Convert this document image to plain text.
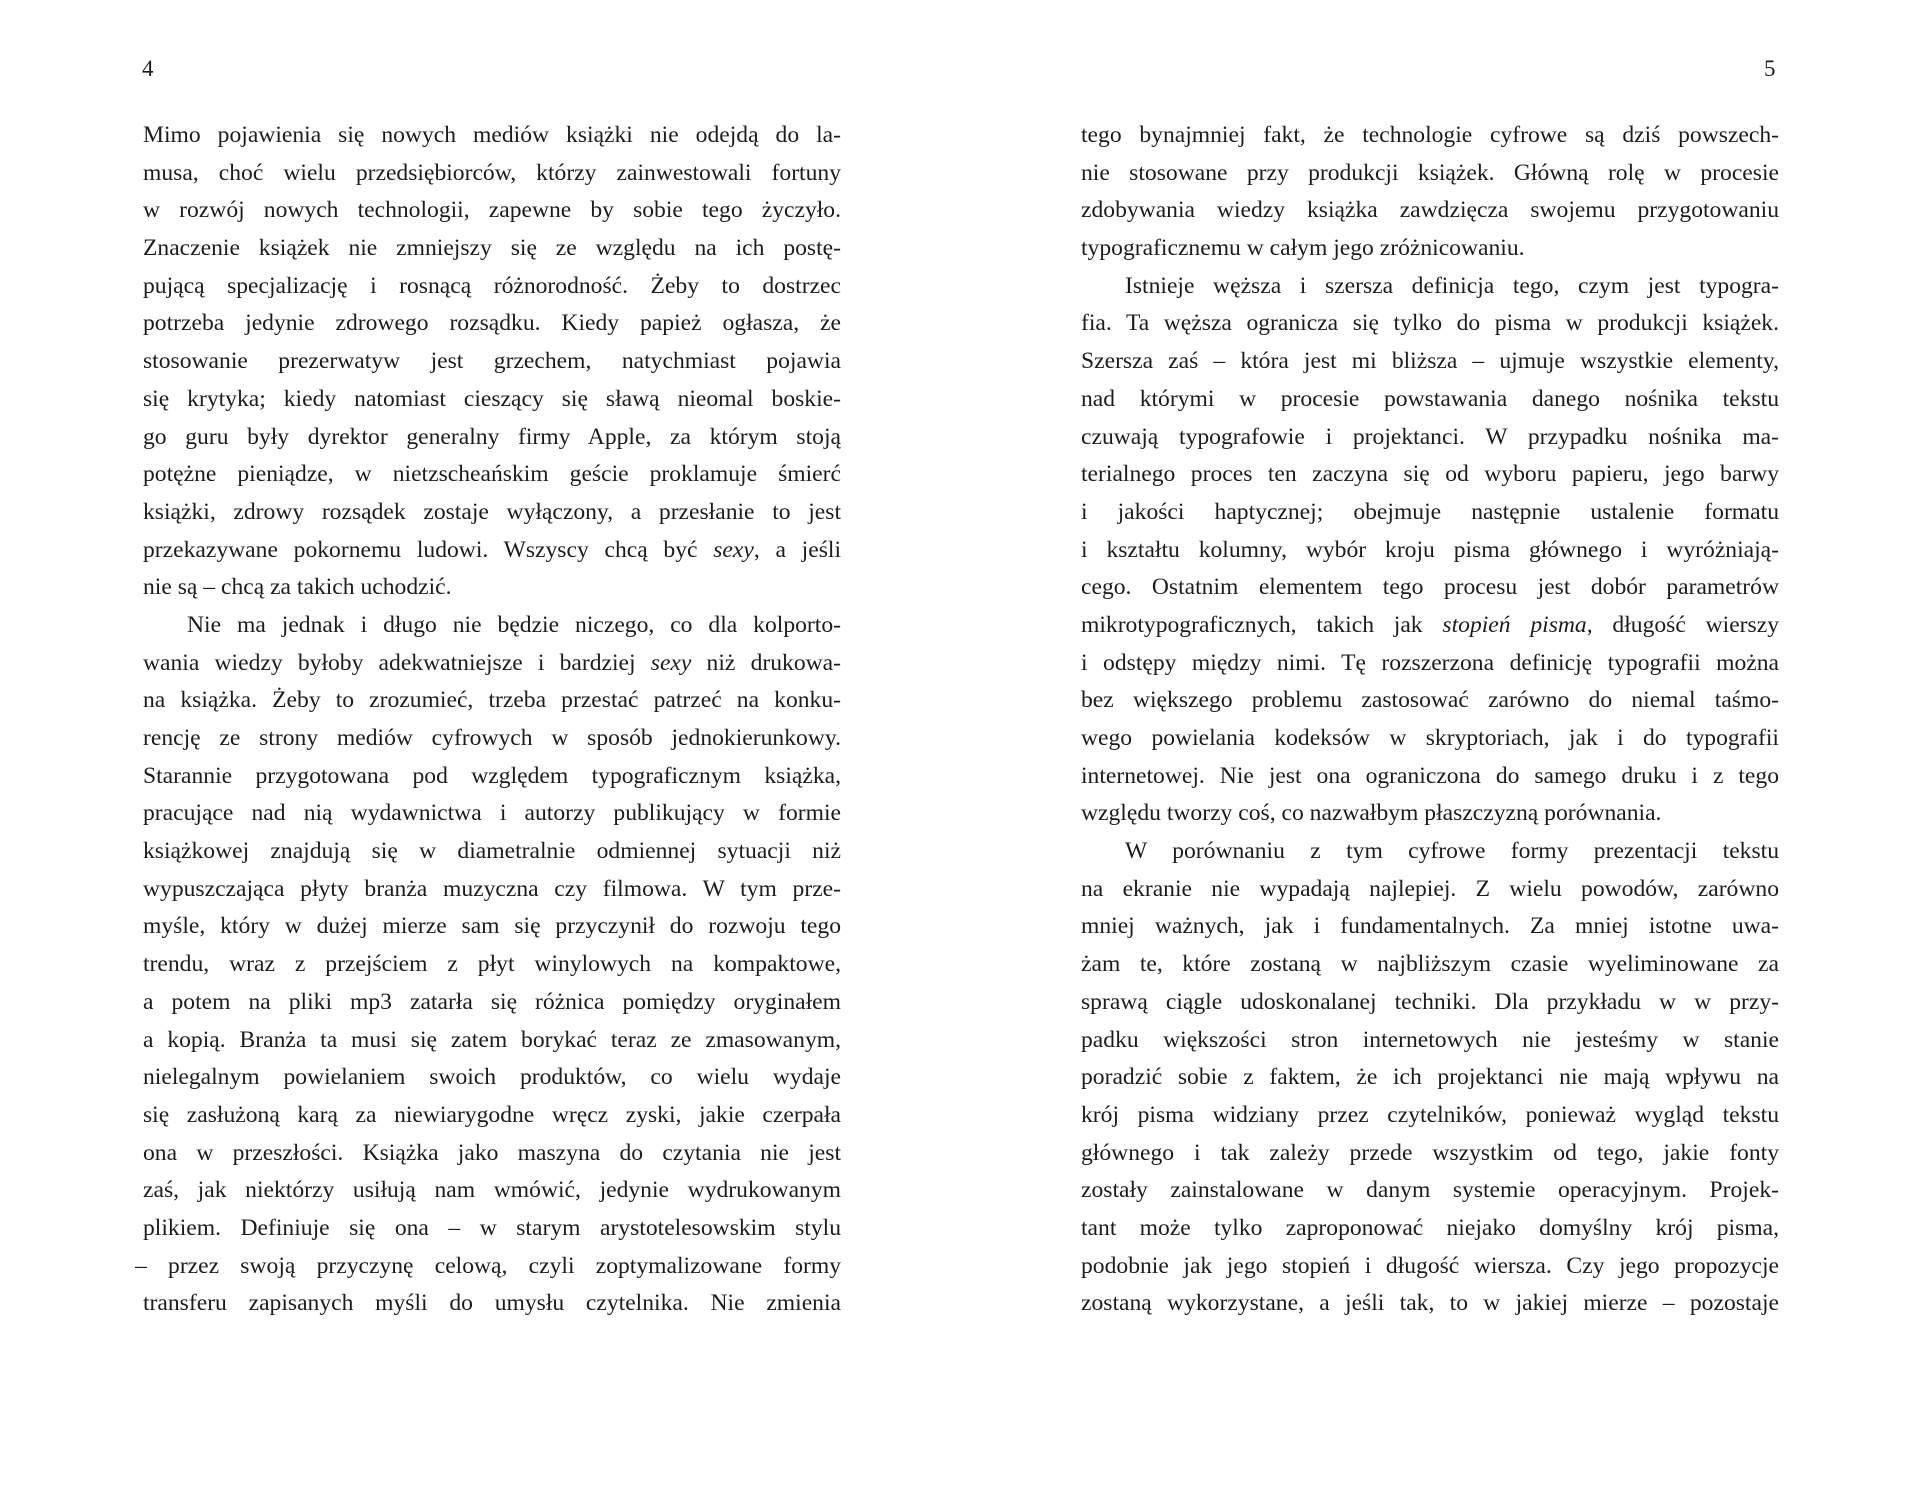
4
Mimo pojawienia się nowych mediów książki nie odejdą do la-
musa, choć wielu przedsiębiorców, którzy zainwestowali fortuny
w rozwój nowych technologii, zapewne by sobie tego życzyło.
Znaczenie książek nie zmniejszy się ze względu na ich postę-
pującą specjalizację i rosnącą różnorodność. Żeby to dostrzec
potrzeba jedynie zdrowego rozsądku. Kiedy papież ogłasza, że
stosowanie prezerwatyw jest grzechem, natychmiast pojawia
się krytyka; kiedy natomiast cieszący się sławą nieomal boskie-
go guru były dyrektor generalny firmy Apple, za którym stoją
potężne pieniądze, w nietzscheańskim geście proklamuje śmierć
książki, zdrowy rozsądek zostaje wyłączony, a przesłanie to jest
przekazywane pokornemu ludowi. Wszyscy chcą być sexy, a jeśli
nie są – chcą za takich uchodzić.
Nie ma jednak i długo nie będzie niczego, co dla kolporto-
wania wiedzy byłoby adekwatniejsze i bardziej sexy niż drukowa-
na książka. Żeby to zrozumieć, trzeba przestać patrzeć na konku-
rencję ze strony mediów cyfrowych w sposób jednokierunkowy.
Starannie przygotowana pod względem typograficznym książka,
pracujące nad nią wydawnictwa i autorzy publikujący w formie
książkowej znajdują się w diametralnie odmiennej sytuacji niż
wypuszczająca płyty branża muzyczna czy filmowa. W tym prze-
myśle, który w dużej mierze sam się przyczynił do rozwoju tego
trendu, wraz z przejściem z płyt winylowych na kompaktowe,
a potem na pliki mp3 zatarła się różnica pomiędzy oryginałem
a kopią. Branża ta musi się zatem borykać teraz ze zmasowanym,
nielegalnym powielaniem swoich produktów, co wielu wydaje
się zasłużoną karą za niewiarygodne wręcz zyski, jakie czerpała
ona w przeszłości. Książka jako maszyna do czytania nie jest
zaś, jak niektórzy usiłują nam wmówić, jedynie wydrukowanym
plikiem. Definiuje się ona – w starym arystotelesowskim stylu
– przez swoją przyczynę celową, czyli zoptymalizowane formy
transferu zapisanych myśli do umysłu czytelnika. Nie zmienia
5
tego bynajmniej fakt, że technologie cyfrowe są dziś powszech-
nie stosowane przy produkcji książek. Główną rolę w procesie
zdobywania wiedzy książka zawdzięcza swojemu przygotowaniu
typograficznemu w całym jego zróżnicowaniu.
Istnieje węższa i szersza definicja tego, czym jest typogra-
fia. Ta węższa ogranicza się tylko do pisma w produkcji książek.
Szersza zaś – która jest mi bliższa – ujmuje wszystkie elementy,
nad którymi w procesie powstawania danego nośnika tekstu
czuwają typografowie i projektanci. W przypadku nośnika ma-
terialnego proces ten zaczyna się od wyboru papieru, jego barwy
i jakości haptycznej; obejmuje następnie ustalenie formatu
i kształtu kolumny, wybór kroju pisma głównego i wyróżniają-
cego. Ostatnim elementem tego procesu jest dobór parametrów
mikrotypograficznych, takich jak stopień pisma, długość wierszy
i odstępy między nimi. Tę rozszerzona definicję typografii można
bez większego problemu zastosować zarówno do niemal taśmo-
wego powielania kodeksów w skryptoriach, jak i do typografii
internetowej. Nie jest ona ograniczona do samego druku i z tego
względu tworzy coś, co nazwałbym płaszczyzną porównania.
W porównaniu z tym cyfrowe formy prezentacji tekstu
na ekranie nie wypadają najlepiej. Z wielu powodów, zarówno
mniej ważnych, jak i fundamentalnych. Za mniej istotne uwa-
żam te, które zostaną w najbliższym czasie wyeliminowane za
sprawą ciągle udoskonalanej techniki. Dla przykładu w w przy-
padku większości stron internetowych nie jesteśmy w stanie
poradzić sobie z faktem, że ich projektanci nie mają wpływu na
krój pisma widziany przez czytelników, ponieważ wygląd tekstu
głównego i tak zależy przede wszystkim od tego, jakie fonty
zostały zainstalowane w danym systemie operacyjnym. Projek-
tant może tylko zaproponować niejako domyślny krój pisma,
podobnie jak jego stopień i długość wiersza. Czy jego propozycje
zostaną wykorzystane, a jeśli tak, to w jakiej mierze – pozostaje
